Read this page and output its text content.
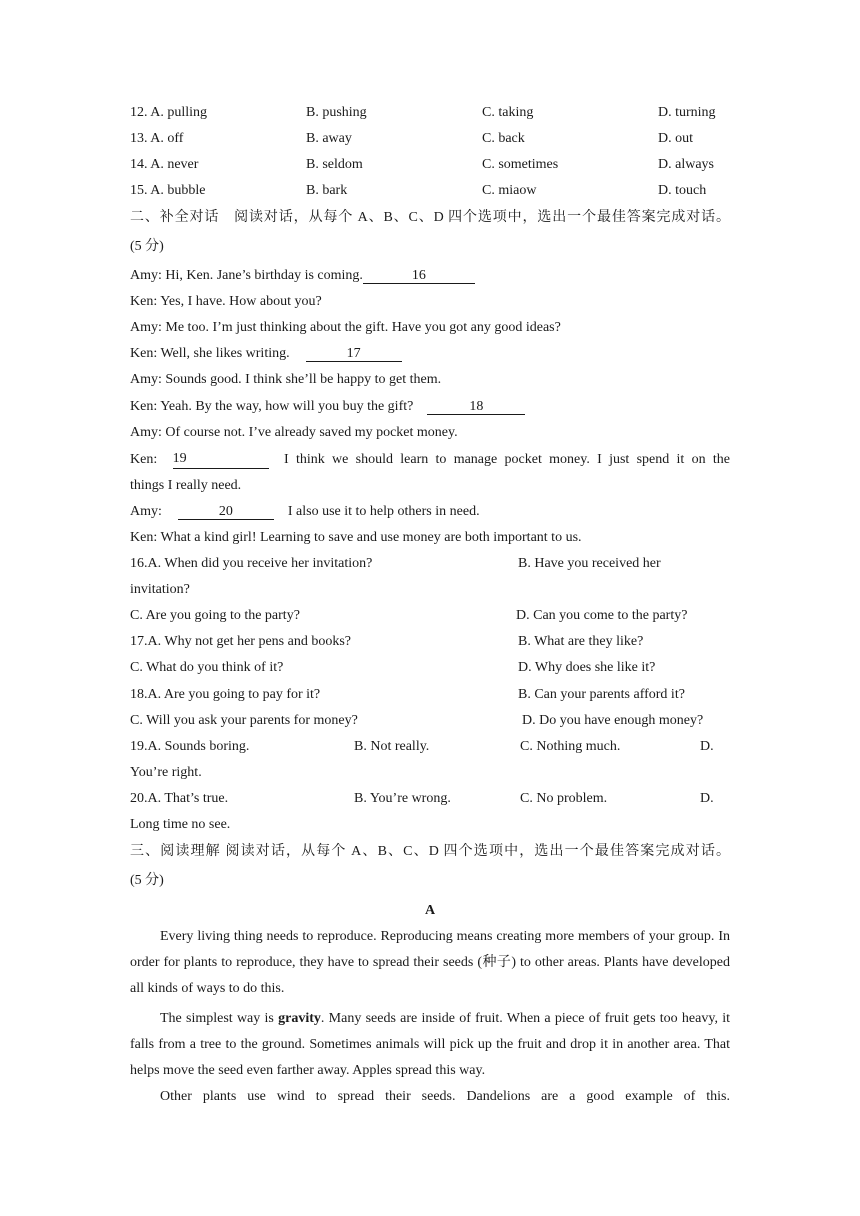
12. A. pulling	B. pushing	C. taking	D. turning
13. A. off	B. away	C. back	D. out
14. A. never	B. seldom	C. sometimes	D. always
15. A. bubble	B. bark	C. miaow	D. touch
二、补全对话　阅读对话，从每个 A、B、C、D 四个选项中，选出一个最佳答案完成对话。
(5 分)
Amy: Hi, Ken. Jane’s birthday is coming.	16
Ken: Yes, I have. How about you?
Amy: Me too. I’m just thinking about the gift. Have you got any good ideas?
Ken: Well, she likes writing.	17
Amy: Sounds good. I think she’ll be happy to get them.
Ken: Yeah. By the way, how will you buy the gift?	18
Amy: Of course not. I’ve already saved my pocket money.
Ken: 19	I think we should learn to manage pocket money. I just spend it on the
things I really need.
Amy:	20	I also use it to help others in need.
Ken: What a kind girl! Learning to save and use money are both important to us.
16.A. When did you receive her invitation?	B. Have you received her
invitation?
C. Are you going to the party?	D. Can you come to the party?
17.A. Why not get her pens and books?	B. What are they like?
C. What do you think of it?	D. Why does she like it?
18.A. Are you going to pay for it?	B. Can your parents afford it?
C. Will you ask your parents for money?	D. Do you have enough money?
19.A. Sounds boring.	B. Not really.	C. Nothing much.	D.
You’re right.
20.A. That’s true.	B. You’re wrong.	C. No problem.	D.
Long time no see.
三、阅读理解 阅读对话，从每个 A、B、C、D 四个选项中，选出一个最佳答案完成对话。
(5 分)
A
Every living thing needs to reproduce. Reproducing means creating more members of your group. In order for plants to reproduce, they have to spread their seeds (种子) to other areas. Plants have developed all kinds of ways to do this.
The simplest way is gravity. Many seeds are inside of fruit. When a piece of fruit gets too heavy, it falls from a tree to the ground. Sometimes animals will pick up the fruit and drop it in another area. That helps move the seed even farther away. Apples spread this way.
Other plants use wind to spread their seeds. Dandelions are a good example of this.
